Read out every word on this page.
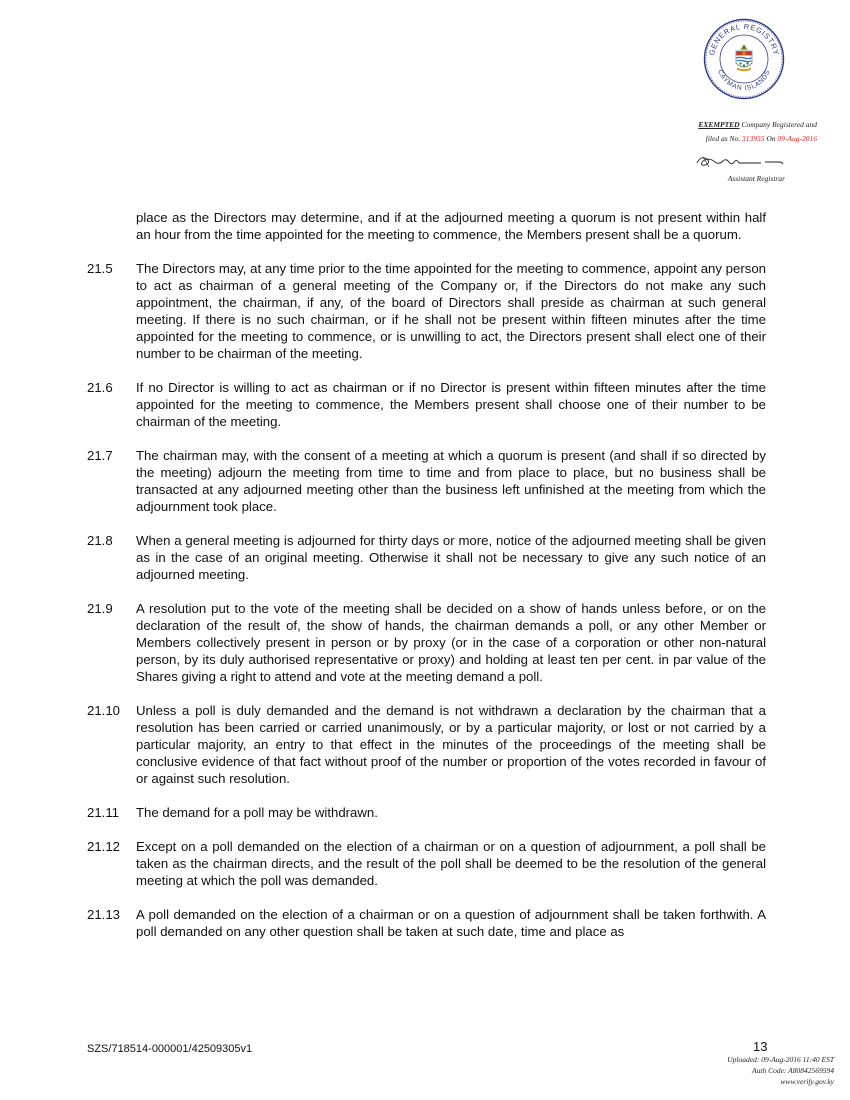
GENERAL REGISTRY
CAYMAN ISLANDS
EXEMPTED Company Registered and
filed as No. 313955 On 09-Aug-2016
Assistant Registrar
place as the Directors may determine, and if at the adjourned meeting a quorum is not present within half an hour from the time appointed for the meeting to commence, the Members present shall be a quorum.
21.5	The Directors may, at any time prior to the time appointed for the meeting to commence, appoint any person to act as chairman of a general meeting of the Company or, if the Directors do not make any such appointment, the chairman, if any, of the board of Directors shall preside as chairman at such general meeting. If there is no such chairman, or if he shall not be present within fifteen minutes after the time appointed for the meeting to commence, or is unwilling to act, the Directors present shall elect one of their number to be chairman of the meeting.
21.6	If no Director is willing to act as chairman or if no Director is present within fifteen minutes after the time appointed for the meeting to commence, the Members present shall choose one of their number to be chairman of the meeting.
21.7	The chairman may, with the consent of a meeting at which a quorum is present (and shall if so directed by the meeting) adjourn the meeting from time to time and from place to place, but no business shall be transacted at any adjourned meeting other than the business left unfinished at the meeting from which the adjournment took place.
21.8	When a general meeting is adjourned for thirty days or more, notice of the adjourned meeting shall be given as in the case of an original meeting. Otherwise it shall not be necessary to give any such notice of an adjourned meeting.
21.9	A resolution put to the vote of the meeting shall be decided on a show of hands unless before, or on the declaration of the result of, the show of hands, the chairman demands a poll, or any other Member or Members collectively present in person or by proxy (or in the case of a corporation or other non-natural person, by its duly authorised representative or proxy) and holding at least ten per cent. in par value of the Shares giving a right to attend and vote at the meeting demand a poll.
21.10	Unless a poll is duly demanded and the demand is not withdrawn a declaration by the chairman that a resolution has been carried or carried unanimously, or by a particular majority, or lost or not carried by a particular majority, an entry to that effect in the minutes of the proceedings of the meeting shall be conclusive evidence of that fact without proof of the number or proportion of the votes recorded in favour of or against such resolution.
21.11	The demand for a poll may be withdrawn.
21.12	Except on a poll demanded on the election of a chairman or on a question of adjournment, a poll shall be taken as the chairman directs, and the result of the poll shall be deemed to be the resolution of the general meeting at which the poll was demanded.
21.13	A poll demanded on the election of a chairman or on a question of adjournment shall be taken forthwith. A poll demanded on any other question shall be taken at such date, time and place as
SZS/718514-000001/42509305v1	13
Uploaded: 09-Aug-2016 11:40 EST
Auth Code: A80842569594
www.verify.gov.ky
